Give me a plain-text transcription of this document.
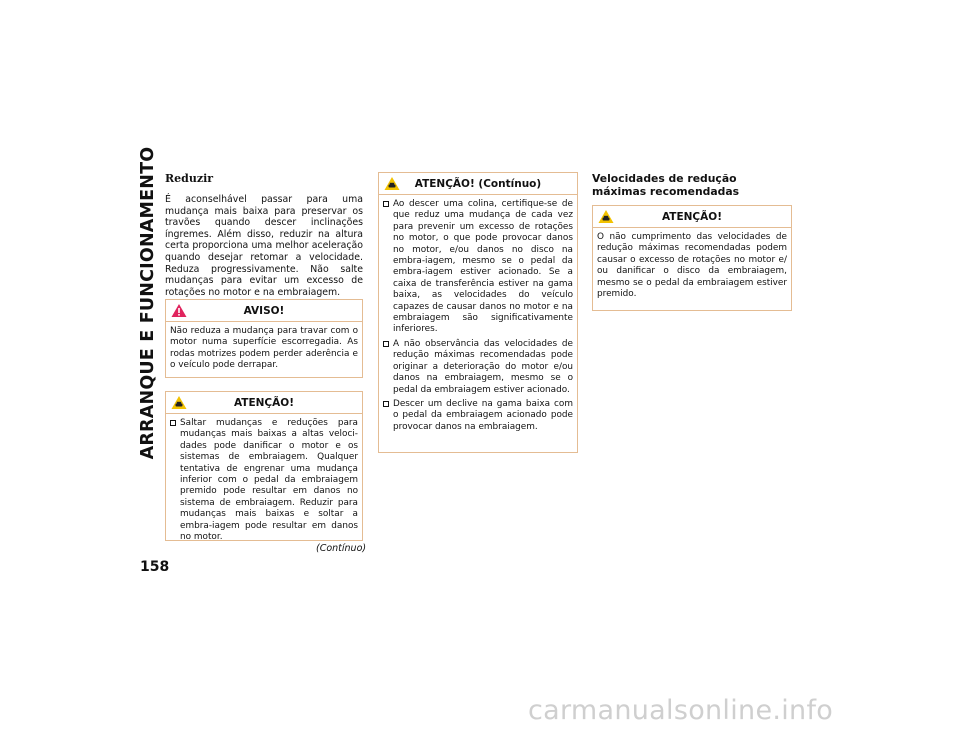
ARRANQUE E FUNCIONAMENTO
158
Reduzir
É aconselhável passar para uma mudança mais baixa para preservar os travões quando descer inclinações íngremes. Além disso, reduzir na altura certa proporciona uma melhor aceleração quando desejar retomar a velocidade. Reduza progressivamente. Não salte mudanças para evitar um excesso de rotações no motor e na embraiagem.
AVISO!
Não reduza a mudança para travar com o motor numa superfície escorregadia. As rodas motrizes podem perder aderência e o veículo pode derrapar.
ATENÇÃO!
Saltar mudanças e reduções para mudanças mais baixas a altas veloci-dades pode danificar o motor e os sistemas de embraiagem. Qualquer tentativa de engrenar uma mudança inferior com o pedal da embraiagem premido pode resultar em danos no sistema de embraiagem. Reduzir para mudanças mais baixas e soltar a embra-iagem pode resultar em danos no motor.
(Contínuo)
ATENÇÃO! (Contínuo)
Ao descer uma colina, certifique-se de que reduz uma mudança de cada vez para prevenir um excesso de rotações no motor, o que pode provocar danos no motor, e/ou danos no disco na embra-iagem, mesmo se o pedal da embra-iagem estiver acionado. Se a caixa de transferência estiver na gama baixa, as velocidades do veículo capazes de causar danos no motor e na embraiagem são significativamente inferiores.
A não observância das velocidades de redução máximas recomendadas pode originar a deterioração do motor e/ou danos na embraiagem, mesmo se o pedal da embraiagem estiver acionado.
Descer um declive na gama baixa com o pedal da embraiagem acionado pode provocar danos na embraiagem.
Velocidades de redução máximas recomendadas
ATENÇÃO!
O não cumprimento das velocidades de redução máximas recomendadas podem causar o excesso de rotações no motor e/ ou danificar o disco da embraiagem, mesmo se o pedal da embraiagem estiver premido.
carmanualsonline.info
